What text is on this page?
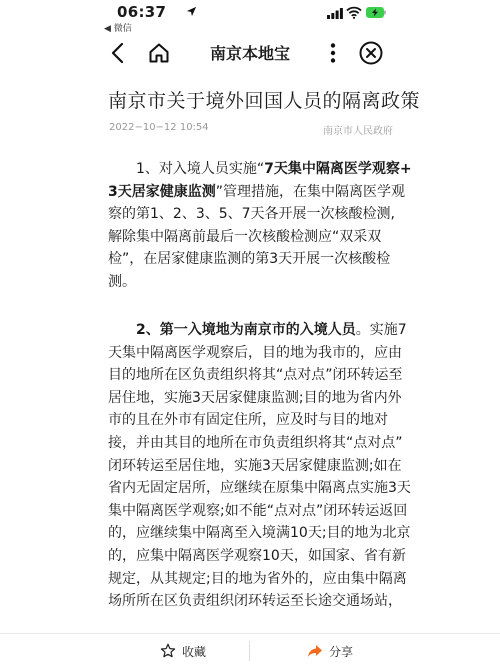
06:37
◀ 微信
南京本地宝
南京市关于境外回国人员的隔离政策
2022−10−12 10:54	南京市人民政府
1、对入境人员实施“7天集中隔离医学观察+
3天居家健康监测”管理措施，在集中隔离医学观
察的第1、2、3、5、7天各开展一次核酸检测,
解除集中隔离前最后一次核酸检测应“双采双
检”，在居家健康监测的第3天开展一次核酸检
测。
2、第一入境地为南京市的入境人员。实施7
天集中隔离医学观察后，目的地为我市的，应由
目的地所在区负责组织将其“点对点”闭环转运至
居住地，实施3天居家健康监测;目的地为省内外
市的且在外市有固定住所，应及时与目的地对
接，并由其目的地所在市负责组织将其“点对点”
闭环转运至居住地，实施3天居家健康监测;如在
省内无固定居所，应继续在原集中隔离点实施3天
集中隔离医学观察;如不能“点对点”闭环转运返回
的，应继续集中隔离至入境满10天;目的地为北京
的，应集中隔离医学观察10天，如国家、省有新
规定，从其规定;目的地为省外的，应由集中隔离
场所所在区负责组织闭环转运至长途交通场站，
收藏	分享
